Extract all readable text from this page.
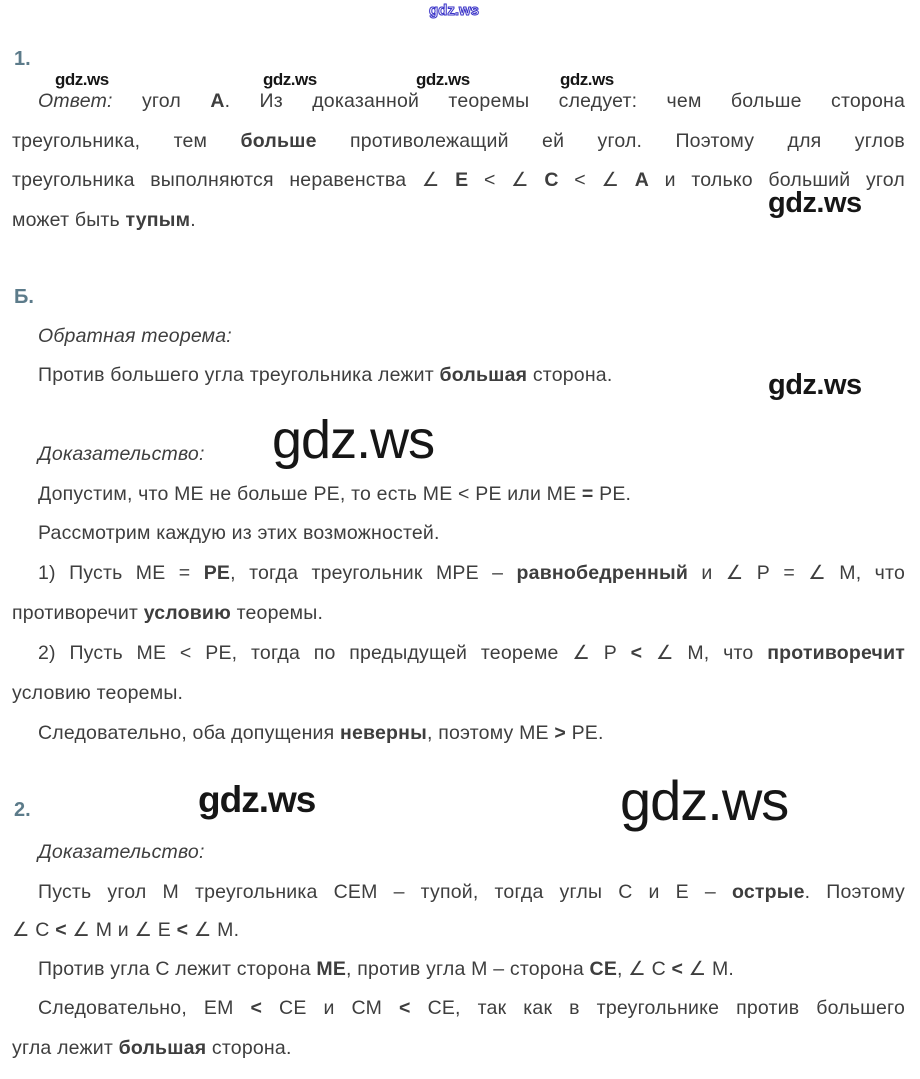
gdz.ws
gdz.ws	gdz.ws	gdz.ws	gdz.ws
gdz.ws
gdz.ws
gdz.ws
gdz.ws	gdz.ws
1.
Б.
2.
Ответ: угол А. Из доказанной теоремы следует: чем больше сторона
треугольника, тем больше противолежащий ей угол. Поэтому для углов
треугольника выполняются неравенства ∠ Е < ∠ С < ∠ А и только больший угол
может быть тупым.
Обратная теорема:
Против большего угла треугольника лежит большая сторона.
Доказательство:
Допустим, что МЕ не больше РЕ, то есть МЕ < РЕ или МЕ = РЕ.
Рассмотрим каждую из этих возможностей.
1) Пусть МЕ = РЕ, тогда треугольник МРЕ – равнобедренный и ∠ Р = ∠ М, что
противоречит условию теоремы.
2) Пусть МЕ < РЕ, тогда по предыдущей теореме ∠ Р < ∠ М, что противоречит
условию теоремы.
Следовательно, оба допущения неверны, поэтому МЕ > РЕ.
Доказательство:
Пусть угол М треугольника СЕМ – тупой, тогда углы С и Е – острые. Поэтому
∠ С < ∠ М и ∠ Е < ∠ М.
Против угла С лежит сторона МЕ, против угла М – сторона СЕ, ∠ С < ∠ М.
Следовательно, ЕМ < СЕ и СМ < СЕ, так как в треугольнике против большего
угла лежит большая сторона.
